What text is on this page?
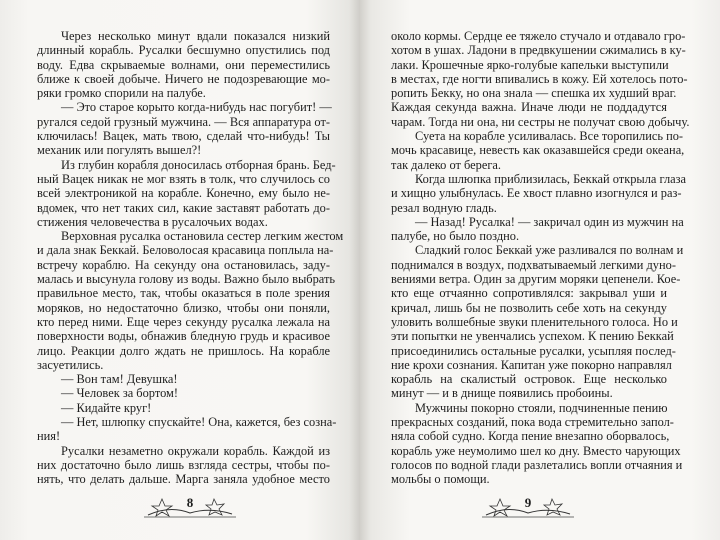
Через несколько минут вдали показался низкий
длинный корабль. Русалки бесшумно опустились под
воду. Едва скрываемые волнами, они переместились
ближе к своей добыче. Ничего не подозревающие мо-
ряки громко спорили на палубе.
— Это старое корыто когда-нибудь нас погубит! —
ругался седой грузный мужчина. — Вся аппаратура от-
ключилась! Вацек, мать твою, сделай что-нибудь! Ты
механик или погулять вышел?!
Из глубин корабля доносилась отборная брань. Бед-
ный Вацек никак не мог взять в толк, что случилось со
всей электроникой на корабле. Конечно, ему было не-
вдомек, что нет таких сил, какие заставят работать до-
стижения человечества в русалочьих водах.
Верховная русалка остановила сестер легким жестом
и дала знак Беккай. Беловолосая красавица поплыла на-
встречу кораблю. На секунду она остановилась, заду-
малась и высунула голову из воды. Важно было выбрать
правильное место, так, чтобы оказаться в поле зрения
моряков, но недостаточно близко, чтобы они поняли,
кто перед ними. Еще через секунду русалка лежала на
поверхности воды, обнажив бледную грудь и красивое
лицо. Реакции долго ждать не пришлось. На корабле
засуетились.
— Вон там! Девушка!
— Человек за бортом!
— Кидайте круг!
— Нет, шлюпку спускайте! Она, кажется, без созна-
ния!
Русалки незаметно окружали корабль. Каждой из
них достаточно было лишь взгляда сестры, чтобы по-
нять, что делать дальше. Марга заняла удобное место
8
около кормы. Сердце ее тяжело стучало и отдавало гро-
хотом в ушах. Ладони в предвкушении сжимались в ку-
лаки. Крошечные ярко-голубые капельки выступили
в местах, где ногти впивались в кожу. Ей хотелось пото-
ропить Бекку, но она знала — спешка их худший враг.
Каждая секунда важна. Иначе люди не поддадутся
чарам. Тогда ни она, ни сестры не получат свою добычу.
Суета на корабле усиливалась. Все торопились по-
мочь красавице, невесть как оказавшейся среди океана,
так далеко от берега.
Когда шлюпка приблизилась, Беккай открыла глаза
и хищно улыбнулась. Ее хвост плавно изогнулся и раз-
резал водную гладь.
— Назад! Русалка! — закричал один из мужчин на
палубе, но было поздно.
Сладкий голос Беккай уже разливался по волнам и
поднимался в воздух, подхватываемый легкими дуно-
вениями ветра. Один за другим моряки цепенели. Кое-
кто еще отчаянно сопротивлялся: закрывал уши и
кричал, лишь бы не позволить себе хоть на секунду
уловить волшебные звуки пленительного голоса. Но и
эти попытки не увенчались успехом. К пению Беккай
присоединились остальные русалки, усыпляя послед-
ние крохи сознания. Капитан уже покорно направлял
корабль на скалистый островок. Еще несколько
минут — и в днище появились пробоины.
Мужчины покорно стояли, подчиненные пению
прекрасных созданий, пока вода стремительно запол-
няла собой судно. Когда пение внезапно оборвалось,
корабль уже неумолимо шел ко дну. Вместо чарующих
голосов по водной глади разлетались вопли отчаяния и
мольбы о помощи.
9
